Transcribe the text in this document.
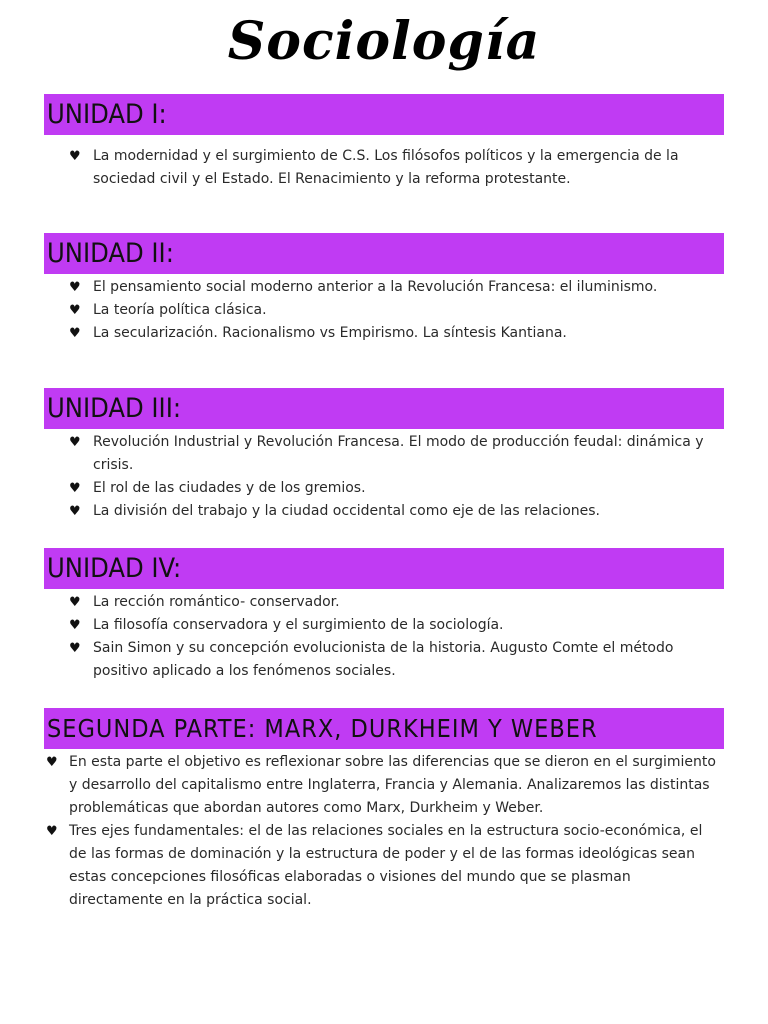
Sociología
UNIDAD I:
♥ La modernidad y el surgimiento de C.S. Los filósofos políticos y la emergencia de la sociedad civil y el Estado. El Renacimiento y la reforma protestante.
UNIDAD II:
♥ El pensamiento social moderno anterior a la Revolución Francesa: el iluminismo.
♥ La teoría política clásica.
♥ La secularización. Racionalismo vs Empirismo. La síntesis Kantiana.
UNIDAD III:
♥ Revolución Industrial y Revolución Francesa. El modo de producción feudal: dinámica y crisis.
♥ El rol de las ciudades y de los gremios.
♥ La división del trabajo y la ciudad occidental como eje de las relaciones.
UNIDAD IV:
♥ La rección romántico- conservador.
♥ La filosofía conservadora y el surgimiento de la sociología.
♥ Sain Simon y su concepción evolucionista de la historia. Augusto Comte el método positivo aplicado a los fenómenos sociales.
SEGUNDA PARTE: MARX, DURKHEIM Y WEBER
♥ En esta parte el objetivo es reflexionar sobre las diferencias que se dieron en el surgimiento y desarrollo del capitalismo entre Inglaterra, Francia y Alemania. Analizaremos las distintas problemáticas que abordan autores como Marx, Durkheim y Weber.
♥ Tres ejes fundamentales: el de las relaciones sociales en la estructura socio-económica, el de las formas de dominación y la estructura de poder y el de las formas ideológicas sean estas concepciones filosóficas elaboradas o visiones del mundo que se plasman directamente en la práctica social.
